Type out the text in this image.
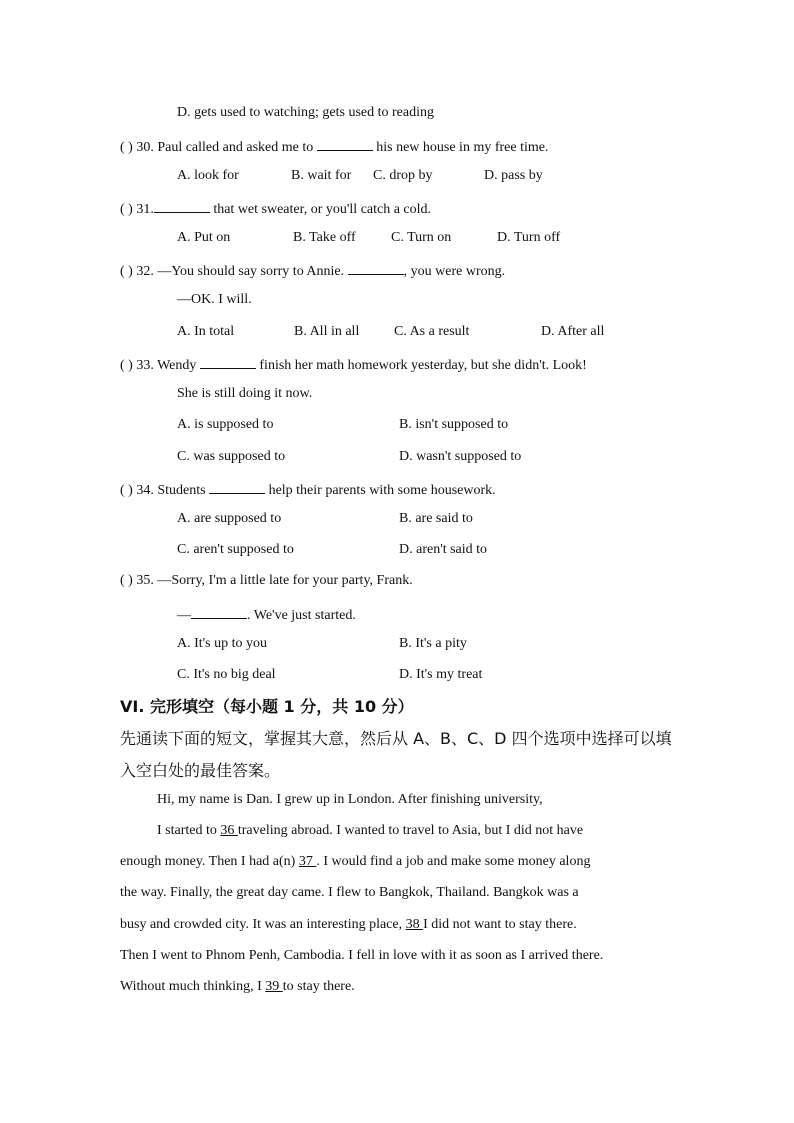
D. gets used to watching; gets used to reading
( ) 30. Paul called and asked me to	his new house in my free time.
A. look for	B. wait for C. drop by	D. pass by
( ) 31.	that wet sweater, or you'll catch a cold.
A. Put on	B. Take off	C. Turn on	D. Turn off
( ) 32. —You should say sorry to Annie.	, you were wrong.
—OK. I will.
A. In total	B. All in all C. As a result	D. After all
( ) 33. Wendy	finish her math homework yesterday, but she didn't. Look!
She is still doing it now.
A. is supposed to	B. isn't supposed to
C. was supposed to	D. wasn't supposed to
( ) 34. Students	help their parents with some housework.
A. are supposed to	B. are said to
C. aren't supposed to	D. aren't said to
( ) 35. —Sorry, I'm a little late for your party, Frank.
—	. We've just started.
A. It's up to you	B. It's a pity
C. It's no big deal	D. It's my treat
VI. 完形填空（每小题 1 分，共 10 分）
先通读下面的短文，掌握其大意，然后从 A、B、C、D 四个选项中选择可以填
入空白处的最佳答案。
Hi, my name is Dan. I grew up in London. After finishing university,
I started to 36 traveling abroad. I wanted to travel to Asia, but I did not have
enough money. Then I had a(n) 37 . I would find a job and make some money along
the way. Finally, the great day came. I flew to Bangkok, Thailand. Bangkok was a
busy and crowded city. It was an interesting place, 38 I did not want to stay there.
Then I went to Phnom Penh, Cambodia. I fell in love with it as soon as I arrived there.
Without much thinking, I 39 to stay there.
